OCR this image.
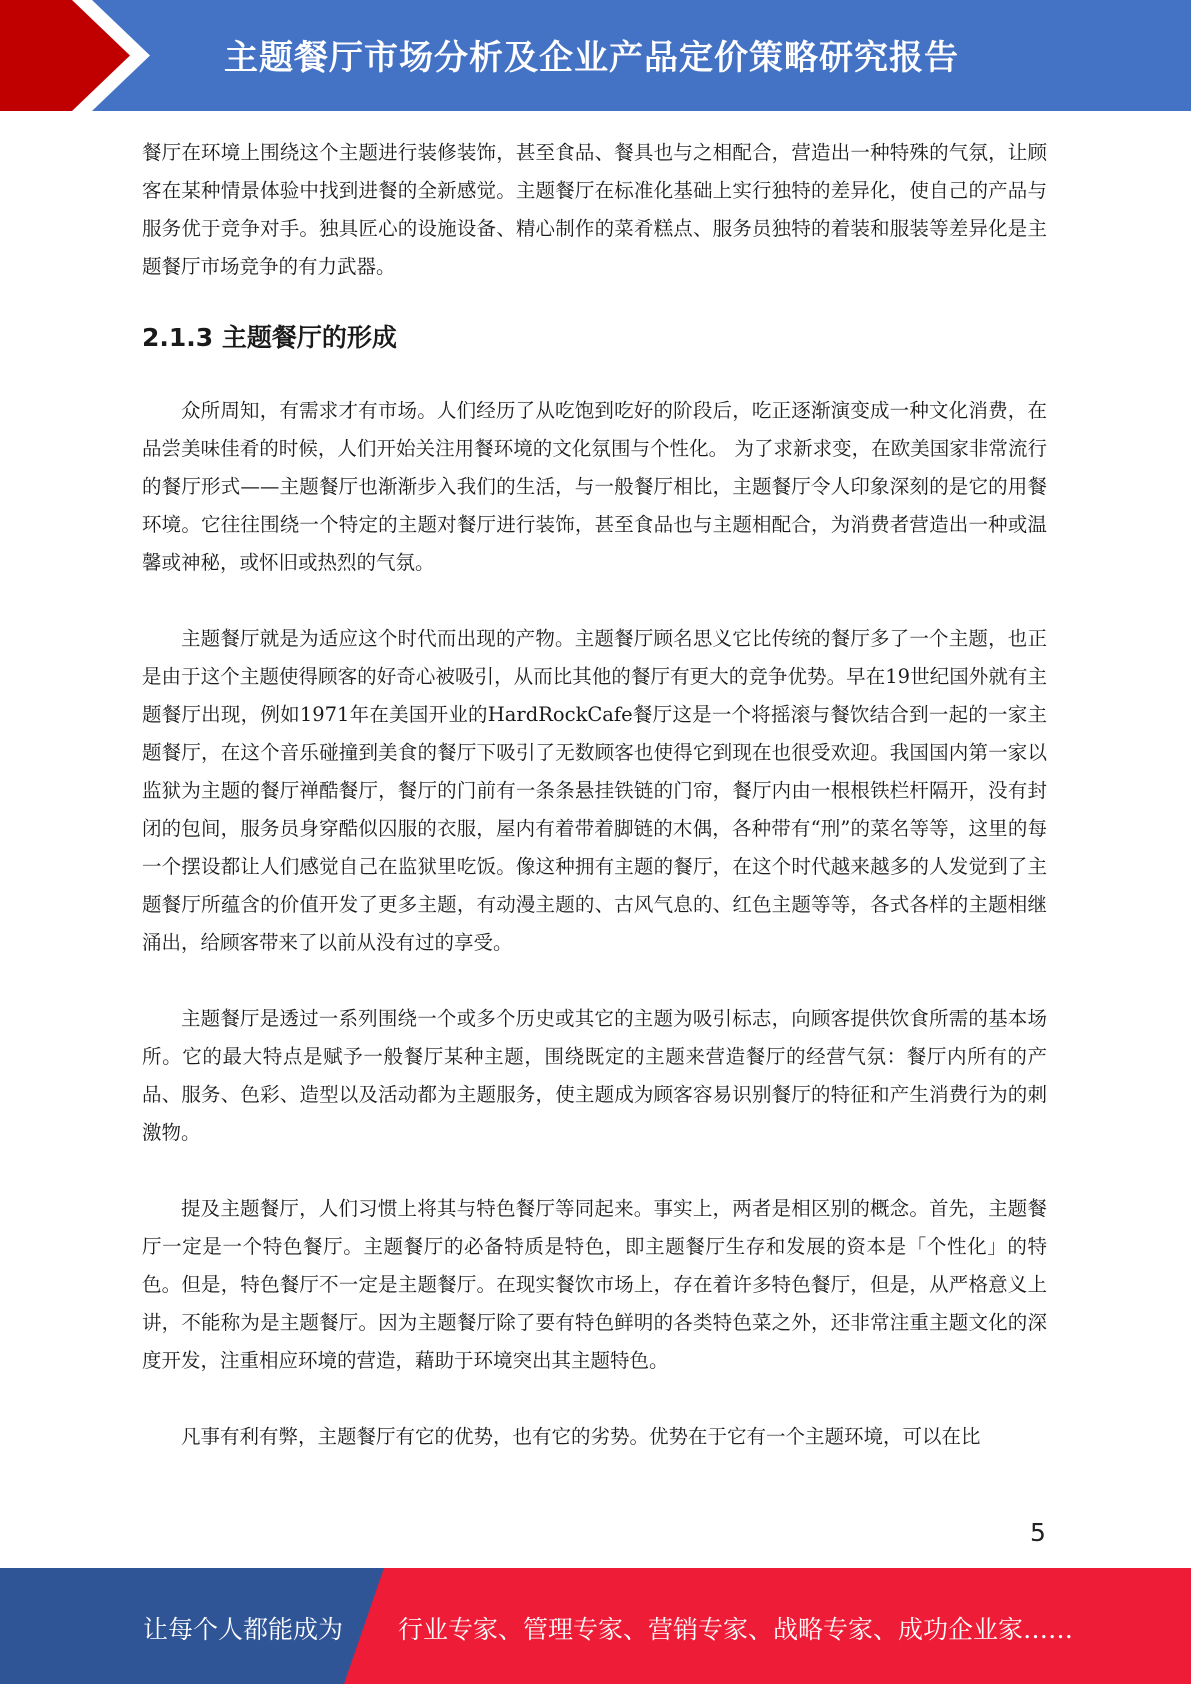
主题餐厅市场分析及企业产品定价策略研究报告

餐厅在环境上围绕这个主题进行装修装饰，甚至食品、餐具也与之相配合，营造出一种特殊的气氛，让顾客在某种情景体验中找到进餐的全新感觉。主题餐厅在标准化基础上实行独特的差异化，使自己的产品与服务优于竞争对手。独具匠心的设施设备、精心制作的菜肴糕点、服务员独特的着装和服装等差异化是主题餐厅市场竞争的有力武器。

2.1.3 主题餐厅的形成

众所周知，有需求才有市场。人们经历了从吃饱到吃好的阶段后，吃正逐渐演变成一种文化消费，在品尝美味佳肴的时候，人们开始关注用餐环境的文化氛围与个性化。 为了求新求变，在欧美国家非常流行的餐厅形式——主题餐厅也渐渐步入我们的生活，与一般餐厅相比，主题餐厅令人印象深刻的是它的用餐环境。它往往围绕一个特定的主题对餐厅进行装饰，甚至食品也与主题相配合，为消费者营造出一种或温馨或神秘，或怀旧或热烈的气氛。

主题餐厅就是为适应这个时代而出现的产物。主题餐厅顾名思义它比传统的餐厅多了一个主题，也正是由于这个主题使得顾客的好奇心被吸引，从而比其他的餐厅有更大的竞争优势。早在19世纪国外就有主题餐厅出现，例如1971年在美国开业的HardRockCafe餐厅这是一个将摇滚与餐饮结合到一起的一家主题餐厅，在这个音乐碰撞到美食的餐厅下吸引了无数顾客也使得它到现在也很受欢迎。我国国内第一家以监狱为主题的餐厅禅酷餐厅，餐厅的门前有一条条悬挂铁链的门帘，餐厅内由一根根铁栏杆隔开，没有封闭的包间，服务员身穿酷似囚服的衣服，屋内有着带着脚链的木偶，各种带有“刑”的菜名等等，这里的每一个摆设都让人们感觉自己在监狱里吃饭。像这种拥有主题的餐厅，在这个时代越来越多的人发觉到了主题餐厅所蕴含的价值开发了更多主题，有动漫主题的、古风气息的、红色主题等等，各式各样的主题相继涌出，给顾客带来了以前从没有过的享受。

主题餐厅是透过一系列围绕一个或多个历史或其它的主题为吸引标志，向顾客提供饮食所需的基本场所。它的最大特点是赋予一般餐厅某种主题，围绕既定的主题来营造餐厅的经营气氛：餐厅内所有的产品、服务、色彩、造型以及活动都为主题服务，使主题成为顾客容易识别餐厅的特征和产生消费行为的刺激物。

提及主题餐厅，人们习惯上将其与特色餐厅等同起来。事实上，两者是相区别的概念。首先，主题餐厅一定是一个特色餐厅。主题餐厅的必备特质是特色，即主题餐厅生存和发展的资本是「个性化」的特色。但是，特色餐厅不一定是主题餐厅。在现实餐饮市场上，存在着许多特色餐厅，但是，从严格意义上讲，不能称为是主题餐厅。因为主题餐厅除了要有特色鲜明的各类特色菜之外，还非常注重主题文化的深度开发，注重相应环境的营造，藉助于环境突出其主题特色。

凡事有利有弊，主题餐厅有它的优势，也有它的劣势。优势在于它有一个主题环境，可以在比

5
让每个人都能成为 行业专家、管理专家、营销专家、战略专家、成功企业家……
